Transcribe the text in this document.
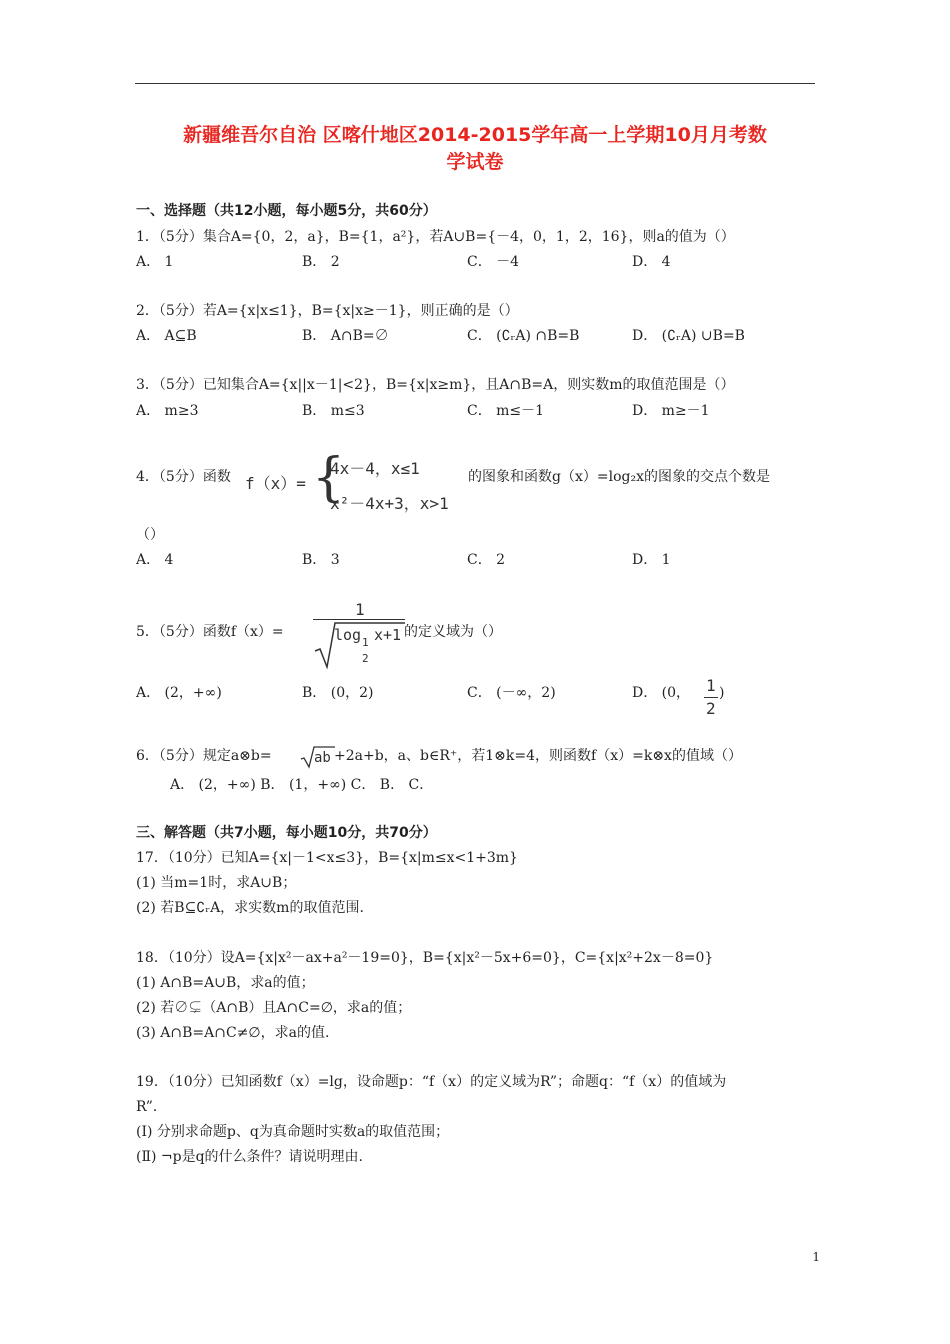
新疆维吾尔自治 区喀什地区2014-2015学年高一上学期10月月考数
学试卷
一、选择题（共12小题，每小题5分，共60分）
1．（5分）集合A={0，2，a}，B={1，a²}，若A∪B={－4，0，1，2，16}，则a的值为（）
A． 1	B． 2	C． －4	D． 4
2．（5分）若A={x|x≤1}，B={x|x≥－1}，则正确的是（）
A． A⊆B	B． A∩B=∅	C． (∁ᵣA) ∩B=B	D． (∁ᵣA) ∪B=B
3．（5分）已知集合A={x||x－1|<2}，B={x|x≥m}，且A∩B=A，则实数m的取值范围是（）
A． m≥3	B． m≤3	C． m≤－1	D． m≥－1
4．（5分）函数 f（x）= {
4x－4，x≤1
x²－4x+3，x>1
的图象和函数g（x）=log₂x的图象的交点个数是
（）
A． 4	B． 3	C． 2	D． 1
5．（5分）函数f（x）=
1
log 1
2
x+1 的定义域为（）
A． (2，+∞)	B． (0，2)	C． (－∞，2)	D． (0， 1
2
)
6．（5分）规定a⊗b=	ab +2a+b，a、b∈R⁺，若1⊗k=4，则函数f（x）=k⊗x的值域（）
A． (2，+∞) B． (1，+∞) C． B． C．
三、解答题（共7小题，每小题10分，共70分）
17．（10分）已知A={x|－1<x≤3}，B={x|m≤x<1+3m}
(1) 当m=1时，求A∪B；
(2) 若B⊆∁ᵣA，求实数m的取值范围.
18．（10分）设A={x|x²－ax+a²－19=0}，B={x|x²－5x+6=0}，C={x|x²+2x－8=0}
(1) A∩B=A∪B，求a的值；
(2) 若∅⊊（A∩B）且A∩C=∅，求a的值；
(3) A∩B=A∩C≠∅，求a的值.
19．（10分）已知函数f（x）=lg，设命题p：“f（x）的定义域为R”；命题q：“f（x）的值域为
R”．
(Ⅰ) 分别求命题p、q为真命题时实数a的取值范围；
(Ⅱ) ¬p是q的什么条件？请说明理由.
1
